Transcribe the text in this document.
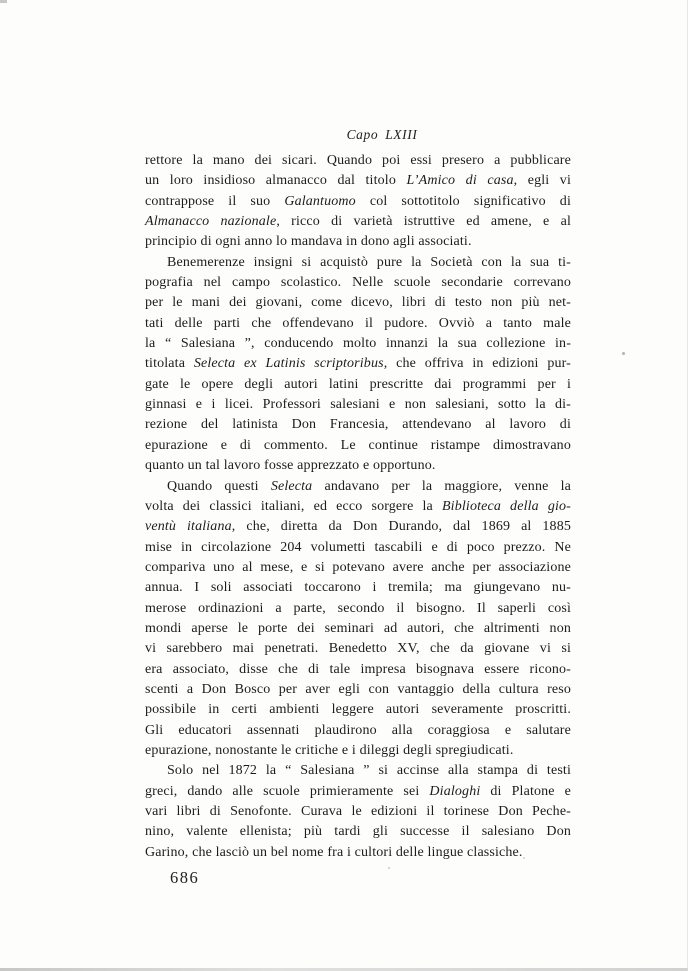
Capo LXIII
rettore la mano dei sicari. Quando poi essi presero a pubblicare
un loro insidioso almanacco dal titolo L’Amico di casa, egli vi
contrappose il suo Galantuomo col sottotitolo significativo di
Almanacco nazionale, ricco di varietà istruttive ed amene, e al
principio di ogni anno lo mandava in dono agli associati.
Benemerenze insigni si acquistò pure la Società con la sua ti-
pografia nel campo scolastico. Nelle scuole secondarie correvano
per le mani dei giovani, come dicevo, libri di testo non più net-
tati delle parti che offendevano il pudore. Ovviò a tanto male
la “ Salesiana ”, conducendo molto innanzi la sua collezione in-
titolata Selecta ex Latinis scriptoribus, che offriva in edizioni pur-
gate le opere degli autori latini prescritte dai programmi per i
ginnasi e i licei. Professori salesiani e non salesiani, sotto la di-
rezione del latinista Don Francesia, attendevano al lavoro di
epurazione e di commento. Le continue ristampe dimostravano
quanto un tal lavoro fosse apprezzato e opportuno.
Quando questi Selecta andavano per la maggiore, venne la
volta dei classici italiani, ed ecco sorgere la Biblioteca della gio-
ventù italiana, che, diretta da Don Durando, dal 1869 al 1885
mise in circolazione 204 volumetti tascabili e di poco prezzo. Ne
compariva uno al mese, e si potevano avere anche per associazione
annua. I soli associati toccarono i tremila; ma giungevano nu-
merose ordinazioni a parte, secondo il bisogno. Il saperli così
mondi aperse le porte dei seminari ad autori, che altrimenti non
vi sarebbero mai penetrati. Benedetto XV, che da giovane vi si
era associato, disse che di tale impresa bisognava essere ricono-
scenti a Don Bosco per aver egli con vantaggio della cultura reso
possibile in certi ambienti leggere autori severamente proscritti.
Gli educatori assennati plaudirono alla coraggiosa e salutare
epurazione, nonostante le critiche e i dileggi degli spregiudicati.
Solo nel 1872 la “ Salesiana ” si accinse alla stampa di testi
greci, dando alle scuole primieramente sei Dialoghi di Platone e
vari libri di Senofonte. Curava le edizioni il torinese Don Peche-
nino, valente ellenista; più tardi gli successe il salesiano Don
Garino, che lasciò un bel nome fra i cultori delle lingue classiche.
686
